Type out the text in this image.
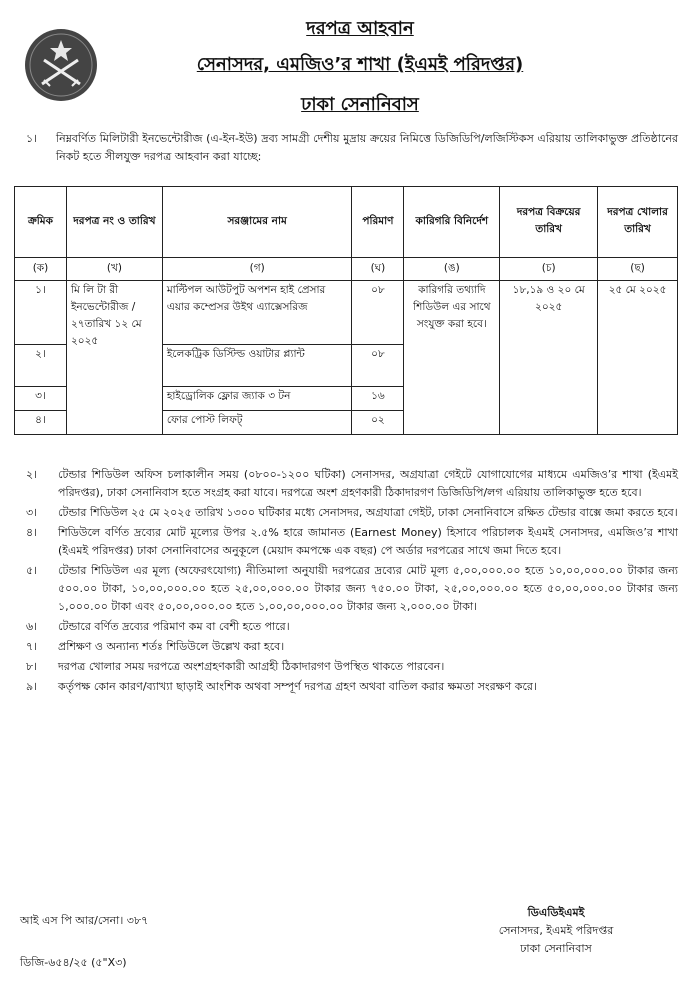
দরপত্র আহবান
সেনাসদর, এমজিও’র শাখা (ইএমই পরিদপ্তর)
ঢাকা সেনানিবাস
১। নিম্নবর্ণিত মিলিটারী ইনভেন্টোরীজ (এ-ইন-ইউ) দ্রব্য সামগ্রী দেশীয় মুদ্রায় ক্রয়ের নিমিত্তে ডিজিডিপি/লজিস্টিকস এরিয়ায় তালিকাভুক্ত প্রতিষ্ঠানের নিকট হতে সীলযুক্ত দরপত্র আহবান করা যাচ্ছে:
ক্রমিক	দরপত্র নং ও তারিখ	সরঞ্জামের নাম	পরিমাণ	কারিগরি বিনির্দেশ	দরপত্র বিক্রয়ের তারিখ	দরপত্র খোলার তারিখ
(ক)	(খ)	(গ)	(ঘ)	(ঙ)	(চ)	(ছ)
১।	মি লি টা রী ইনভেন্টোরীজ /২৭তারিখ ১২ মে ২০২৫	মাল্টিপল আউটপুট অপশন হাই প্রেসার এয়ার কম্প্রেসর উইথ এ্যাক্সেসরিজ	০৮	কারিগরি তথ্যাদি শিডিউল এর সাথে সংযুক্ত করা হবে।	১৮,১৯ ও ২০ মে ২০২৫	২৫ মে ২০২৫
২।		ইলেকট্রিক ডিস্টিল্ড ওয়াটার প্ল্যান্ট	০৮			
৩।		হাইড্রোলিক ফ্লোর জ্যাক ৩ টন	১৬			
৪।		ফোর পোস্ট লিফট্	০২			
২। টেন্ডার শিডিউল অফিস চলাকালীন সময় (০৮০০-১২০০ ঘটিকা) সেনাসদর, অগ্রযাত্রা গেইটে যোগাযোগের মাধ্যমে এমজিও’র শাখা (ইএমই পরিদপ্তর), ঢাকা সেনানিবাস হতে সংগ্রহ করা যাবে। দরপত্রে অংশ গ্রহণকারী ঠিকাদারগণ ডিজিডিপি/লগ এরিয়ায় তালিকাভুক্ত হতে হবে।
৩। টেন্ডার শিডিউল ২৫ মে ২০২৫ তারিখ ১৩০০ ঘটিকার মধ্যে সেনাসদর, অগ্রযাত্রা গেইট, ঢাকা সেনানিবাসে রক্ষিত টেন্ডার বাক্সে জমা করতে হবে।
৪। শিডিউলে বর্ণিত দ্রব্যের মোট মূল্যের উপর ২.৫% হারে জামানত (Earnest Money) হিসাবে পরিচালক ইএমই সেনাসদর, এমজিও’র শাখা (ইএমই পরিদপ্তর) ঢাকা সেনানিবাসের অনুকূলে (মেয়াদ কমপক্ষে এক বছর) পে অর্ডার দরপত্রের সাথে জমা দিতে হবে।
৫। টেন্ডার শিডিউল এর মূল্য (অফেরৎযোগ্য) নীতিমালা অনুযায়ী দরপত্রের দ্রব্যের মোট মূল্য ৫,০০,০০০.০০ হতে ১০,০০,০০০.০০ টাকার জন্য ৫০০.০০ টাকা, ১০,০০,০০০.০০ হতে ২৫,০০,০০০.০০ টাকার জন্য ৭৫০.০০ টাকা, ২৫,০০,০০০.০০ হতে ৫০,০০,০০০.০০ টাকার জন্য ১,০০০.০০ টাকা এবং ৫০,০০,০০০.০০ হতে ১,০০,০০,০০০.০০ টাকার জন্য ২,০০০.০০ টাকা।
৬। টেন্ডারে বর্ণিত দ্রব্যের পরিমাণ কম বা বেশী হতে পারে।
৭। প্রশিক্ষণ ও অন্যান্য শর্তঃ শিডিউলে উল্লেখ করা হবে।
৮। দরপত্র খোলার সময় দরপত্রে অংশগ্রহণকারী আগ্রহী ঠিকাদারগণ উপস্থিত থাকতে পারবেন।
৯। কর্তৃপক্ষ কোন কারণ/ব্যাখ্যা ছাড়াই আংশিক অথবা সম্পূর্ণ দরপত্র গ্রহণ অথবা বাতিল করার ক্ষমতা সংরক্ষণ করে।
আই এস পি আর/সেনা। ৩৮৭
ডিজি-৬৫৪/২৫ (৫"X৩)
ডিএডিইএমই
সেনাসদর, ইএমই পরিদপ্তর
ঢাকা সেনানিবাস
